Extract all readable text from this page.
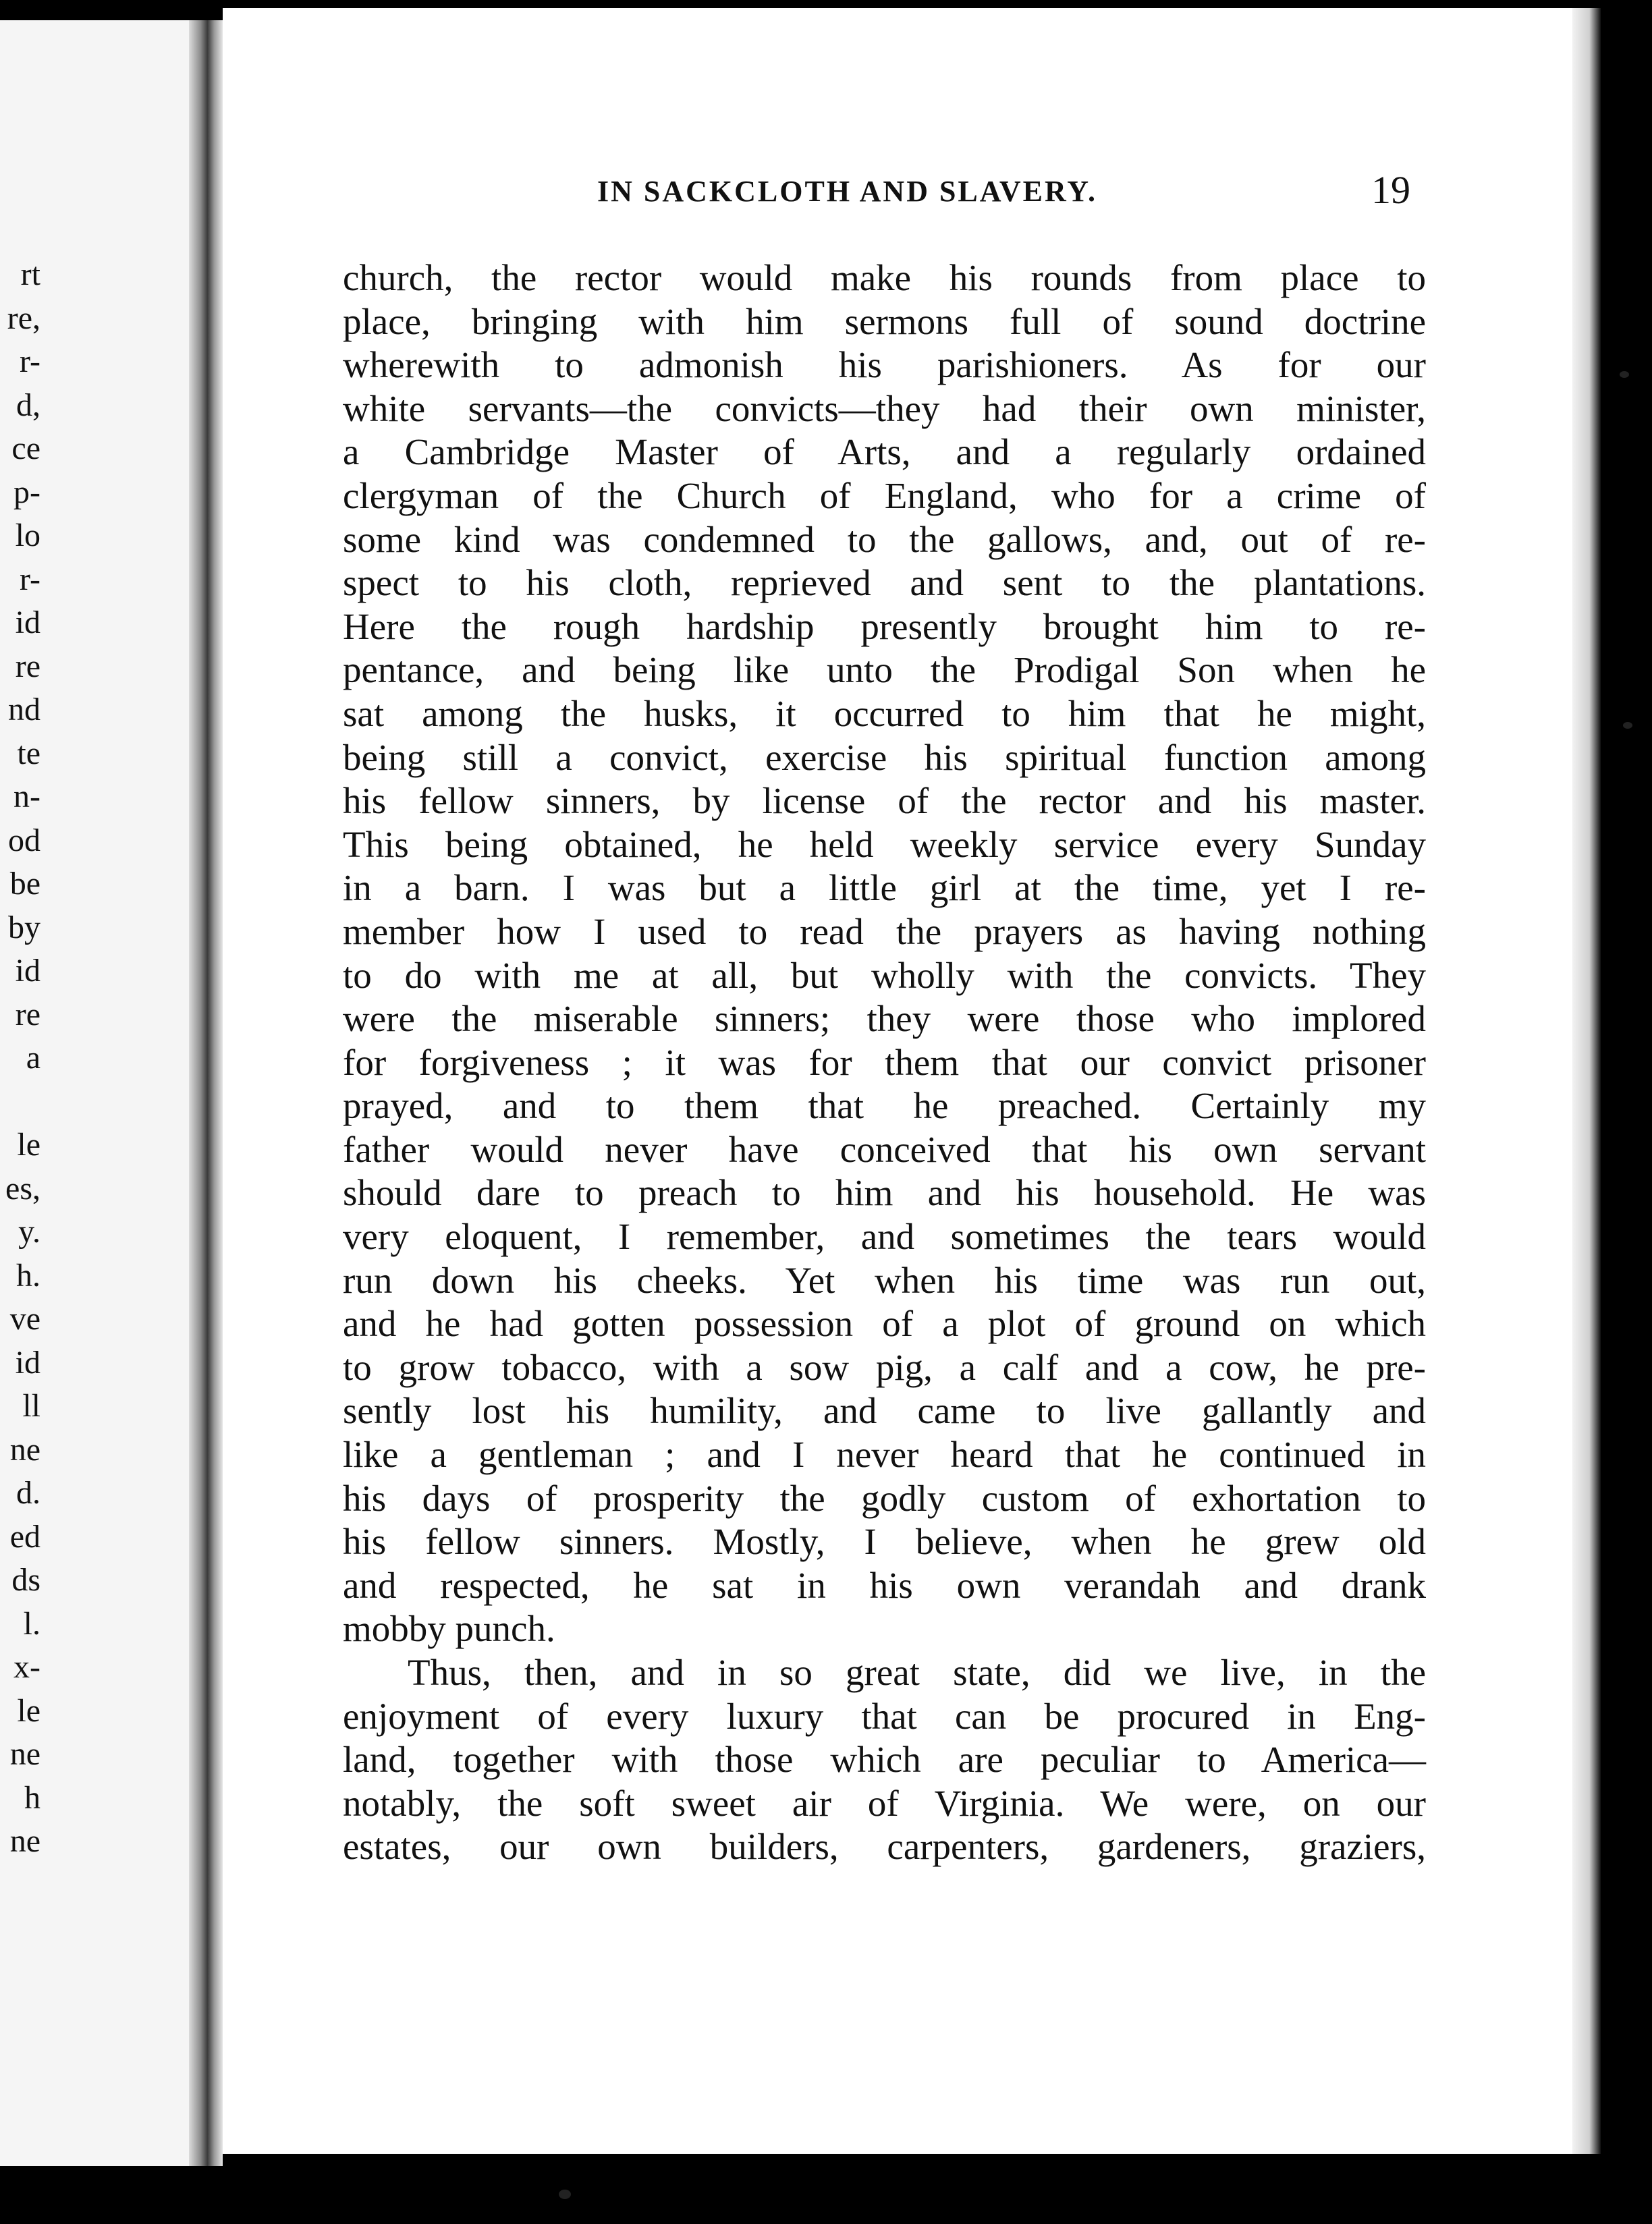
rt
re,
r-
d,
ce
p-
lo
r-
id
re
nd
te
n-
od
be
by
id
re
a
le
es,
y.
h.
ve
id
ll
ne
d.
ed
ds
l.
x-
le
ne
h
ne
IN SACKCLOTH AND SLAVERY.	19
church, the rector would make his rounds from place to
place, bringing with him sermons full of sound doctrine
wherewith to admonish his parishioners. As for our
white servants—the convicts—they had their own minister,
a Cambridge Master of Arts, and a regularly ordained
clergyman of the Church of England, who for a crime of
some kind was condemned to the gallows, and, out of re-
spect to his cloth, reprieved and sent to the plantations.
Here the rough hardship presently brought him to re-
pentance, and being like unto the Prodigal Son when he
sat among the husks, it occurred to him that he might,
being still a convict, exercise his spiritual function among
his fellow sinners, by license of the rector and his master.
This being obtained, he held weekly service every Sunday
in a barn. I was but a little girl at the time, yet I re-
member how I used to read the prayers as having nothing
to do with me at all, but wholly with the convicts. They
were the miserable sinners; they were those who implored
for forgiveness ; it was for them that our convict prisoner
prayed, and to them that he preached. Certainly my
father would never have conceived that his own servant
should dare to preach to him and his household. He was
very eloquent, I remember, and sometimes the tears would
run down his cheeks. Yet when his time was run out,
and he had gotten possession of a plot of ground on which
to grow tobacco, with a sow pig, a calf and a cow, he pre-
sently lost his humility, and came to live gallantly and
like a gentleman ; and I never heard that he continued in
his days of prosperity the godly custom of exhortation to
his fellow sinners. Mostly, I believe, when he grew old
and respected, he sat in his own verandah and drank
mobby punch.
Thus, then, and in so great state, did we live, in the
enjoyment of every luxury that can be procured in Eng-
land, together with those which are peculiar to America—
notably, the soft sweet air of Virginia. We were, on our
estates, our own builders, carpenters, gardeners, graziers,
